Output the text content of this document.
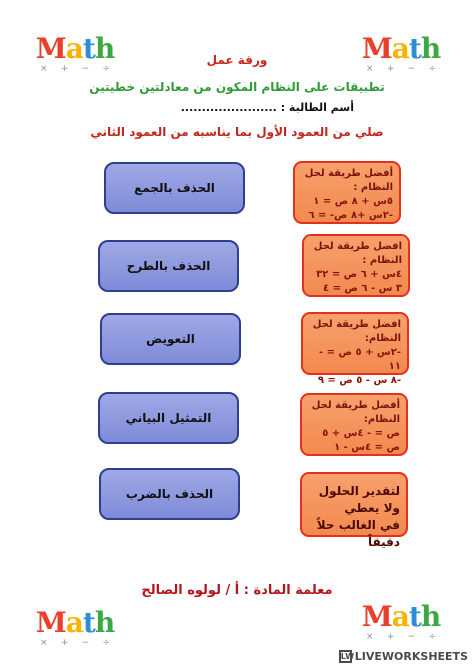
Math
× + − ÷
Math
× + − ÷
ورقة عمل
تطبيقات على النظام المكون من معادلتين خطيتين
أسم الطالبة : .......................
صلي من العمود الأول بما يناسبه من العمود الثاني
الحذف بالجمع
الحذف بالطرح
التعويض
التمثيل البياني
الحذف بالضرب
أفضل طريقة لحل النظام :
٥س + ٨ ص = ١
-٢س +٨ ص- = ٦
افضل طريقة لحل النظام :
٤س + ٦ ص = ٣٢
٣ س - ٦ ص = ٤
افضل طريقة لحل النظام:
-٢س + ٥ ص = - ١١
-٨ س - ٥ ص = ٩
أفضل طريقة لحل النظام:
ص = - ٤س + ٥
ص = ٤س - ١
لتقدير الحلول ولا يعطي
في الغالب حلاً دقيقاً
معلمة المادة : أ / لولوه الصالح
Math
× + − ÷
Math
× + − ÷
LW LIVEWORKSHEETS
